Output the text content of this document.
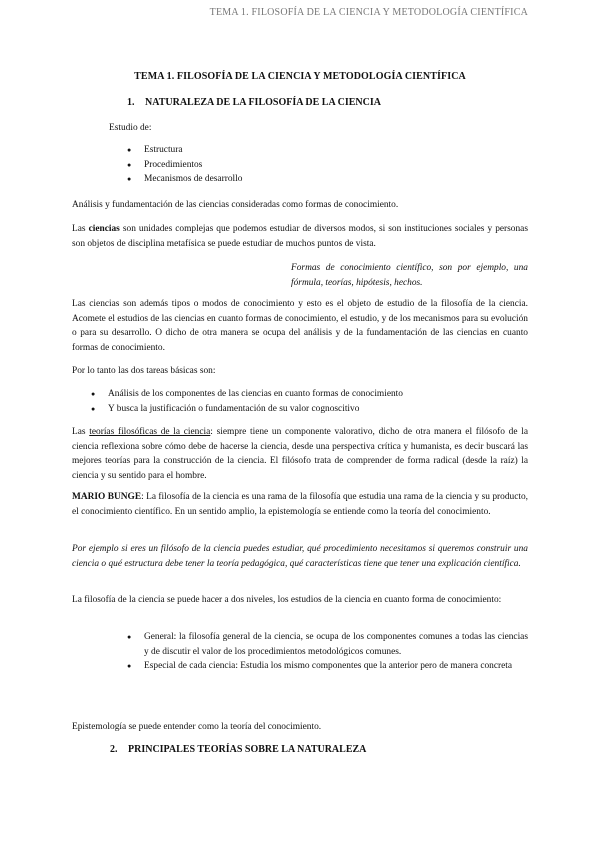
TEMA 1. FILOSOFÍA DE LA CIENCIA Y METODOLOGÍA CIENTÍFICA
TEMA 1. FILOSOFÍA DE LA CIENCIA Y METODOLOGÍA CIENTÍFICA
1. NATURALEZA DE LA FILOSOFÍA DE LA CIENCIA
Estudio de:
● Estructura
● Procedimientos
● Mecanismos de desarrollo
Análisis y fundamentación de las ciencias consideradas como formas de conocimiento.
Las ciencias son unidades complejas que podemos estudiar de diversos modos, si son instituciones sociales y personas son objetos de disciplina metafísica se puede estudiar de muchos puntos de vista.
Formas de conocimiento científico, son por ejemplo, una fórmula, teorías, hipótesis, hechos.
Las ciencias son además tipos o modos de conocimiento y esto es el objeto de estudio de la filosofía de la ciencia. Acomete el estudios de las ciencias en cuanto formas de conocimiento, el estudio, y de los mecanismos para su evolución o para su desarrollo. O dicho de otra manera se ocupa del análisis y de la fundamentación de las ciencias en cuanto formas de conocimiento.
Por lo tanto las dos tareas básicas son:
● Análisis de los componentes de las ciencias en cuanto formas de conocimiento
● Y busca la justificación o fundamentación de su valor cognoscitivo
Las teorías filosóficas de la ciencia: siempre tiene un componente valorativo, dicho de otra manera el filósofo de la ciencia reflexiona sobre cómo debe de hacerse la ciencia, desde una perspectiva crítica y humanista, es decir buscará las mejores teorías para la construcción de la ciencia. El filósofo trata de comprender de forma radical (desde la raíz) la ciencia y su sentido para el hombre.
MARIO BUNGE: La filosofía de la ciencia es una rama de la filosofía que estudia una rama de la ciencia y su producto, el conocimiento científico. En un sentido amplio, la epistemología se entiende como la teoría del conocimiento.
Por ejemplo si eres un filósofo de la ciencia puedes estudiar, qué procedimiento necesitamos si queremos construir una ciencia o qué estructura debe tener la teoría pedagógica, qué características tiene que tener una explicación científica.
La filosofía de la ciencia se puede hacer a dos niveles, los estudios de la ciencia en cuanto forma de conocimiento:
● General: la filosofía general de la ciencia, se ocupa de los componentes comunes a todas las ciencias y de discutir el valor de los procedimientos metodológicos comunes.
● Especial de cada ciencia: Estudia los mismo componentes que la anterior pero de manera concreta
Epistemología se puede entender como la teoría del conocimiento.
2. PRINCIPALES TEORÍAS SOBRE LA NATURALEZA
